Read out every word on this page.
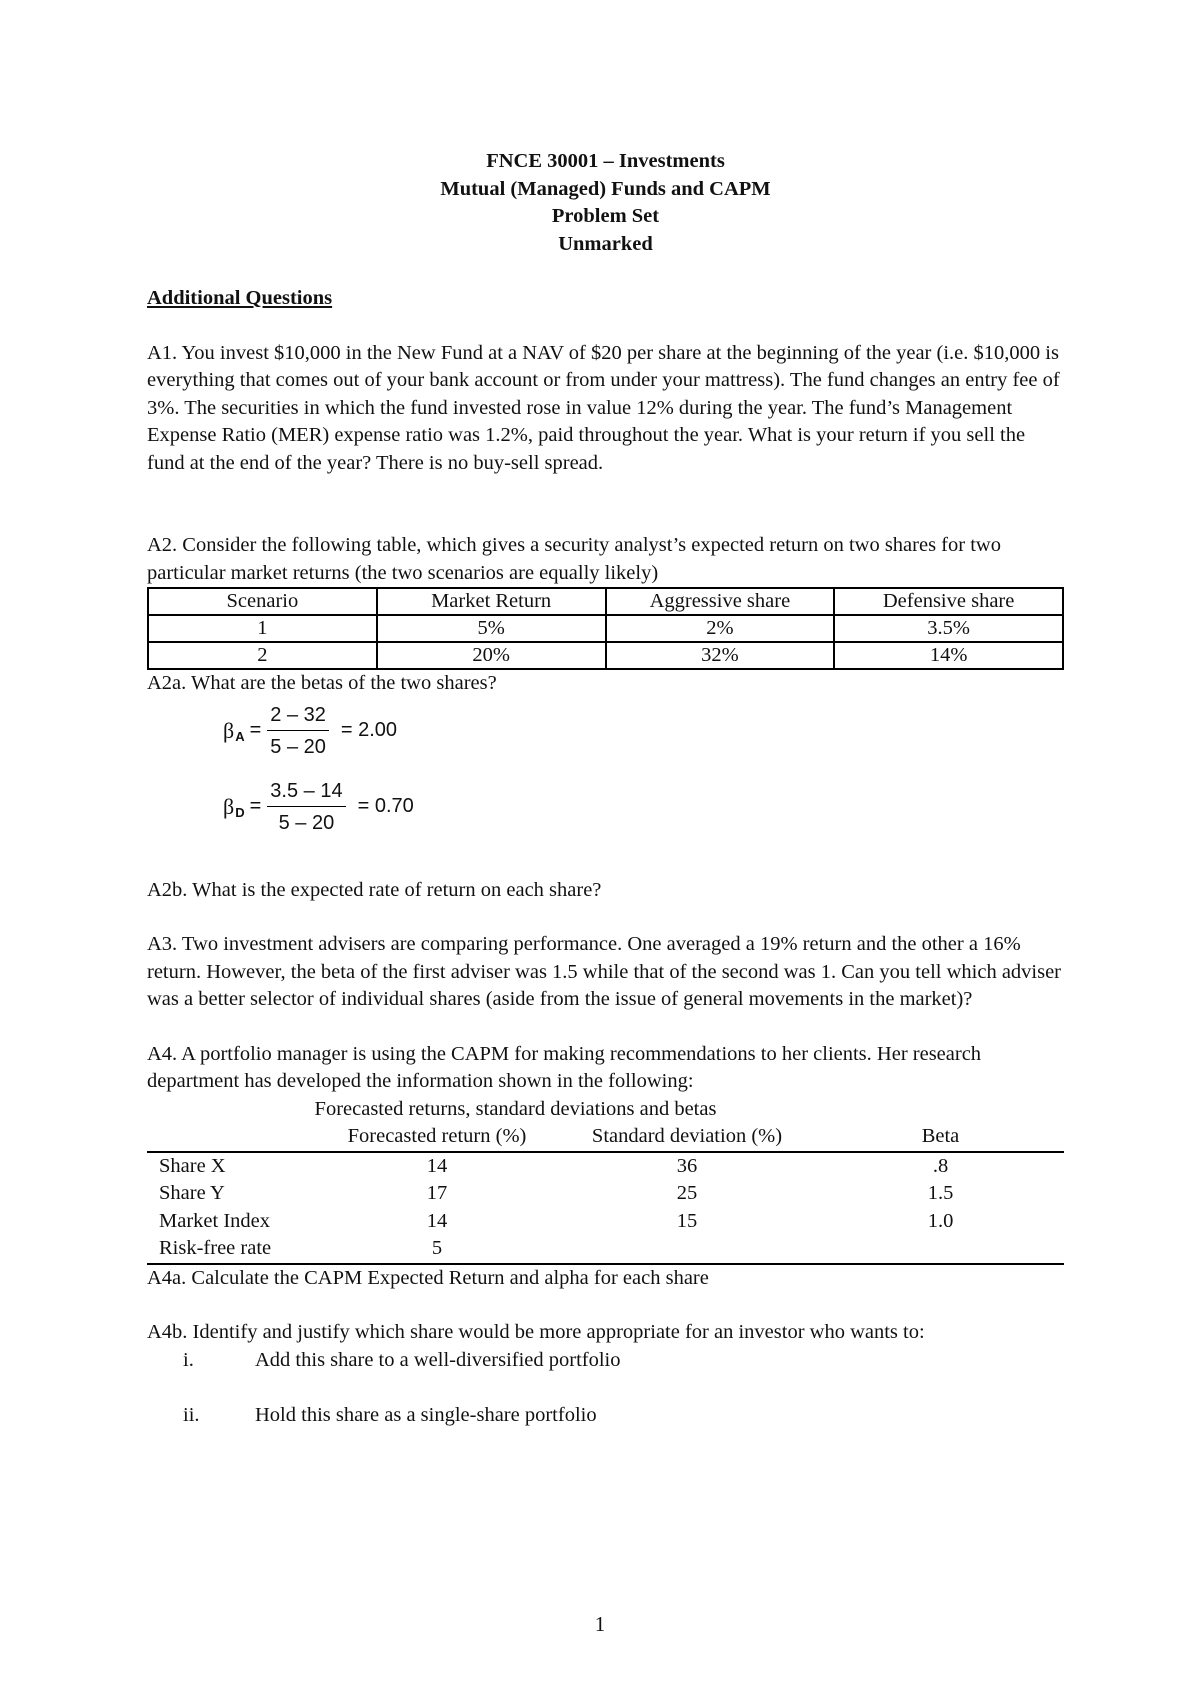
FNCE 30001 – Investments
Mutual (Managed) Funds and CAPM
Problem Set
Unmarked
Additional Questions

A1. You invest $10,000 in the New Fund at a NAV of $20 per share at the beginning of the year (i.e. $10,000 is everything that comes out of your bank account or from under your mattress). The fund changes an entry fee of 3%. The securities in which the fund invested rose in value 12% during the year. The fund’s Management Expense Ratio (MER) expense ratio was 1.2%, paid throughout the year. What is your return if you sell the fund at the end of the year? There is no buy-sell spread.

A2. Consider the following table, which gives a security analyst’s expected return on two shares for two particular market returns (the two scenarios are equally likely)

Scenario	Market Return	Aggressive share	Defensive share
1	5%	2%	3.5%
2	20%	32%	14%

A2a. What are the betas of the two shares?

β $A = \frac{2 - 32}{5 - 20} = 2.00$
β $D = \frac{3.5 - 14}{5 - 20} = 0.70$

A2b. What is the expected rate of return on each share?

A3. Two investment advisers are comparing performance. One averaged a 19% return and the other a 16% return. However, the beta of the first adviser was 1.5 while that of the second was 1. Can you tell which adviser was a better selector of individual shares (aside from the issue of general movements in the market)?

A4. A portfolio manager is using the CAPM for making recommendations to her clients. Her research department has developed the information shown in the following:

Forecasted returns, standard deviations and betas
	Forecasted return (%)	Standard deviation (%)	Beta
Share X	14	36	.8
Share Y	17	25	1.5
Market Index	14	15	1.0
Risk-free rate	5		

A4a. Calculate the CAPM Expected Return and alpha for each share

A4b. Identify and justify which share would be more appropriate for an investor who wants to:

i.	Add this share to a well-diversified portfolio
ii.	Hold this share as a single-share portfolio
1
